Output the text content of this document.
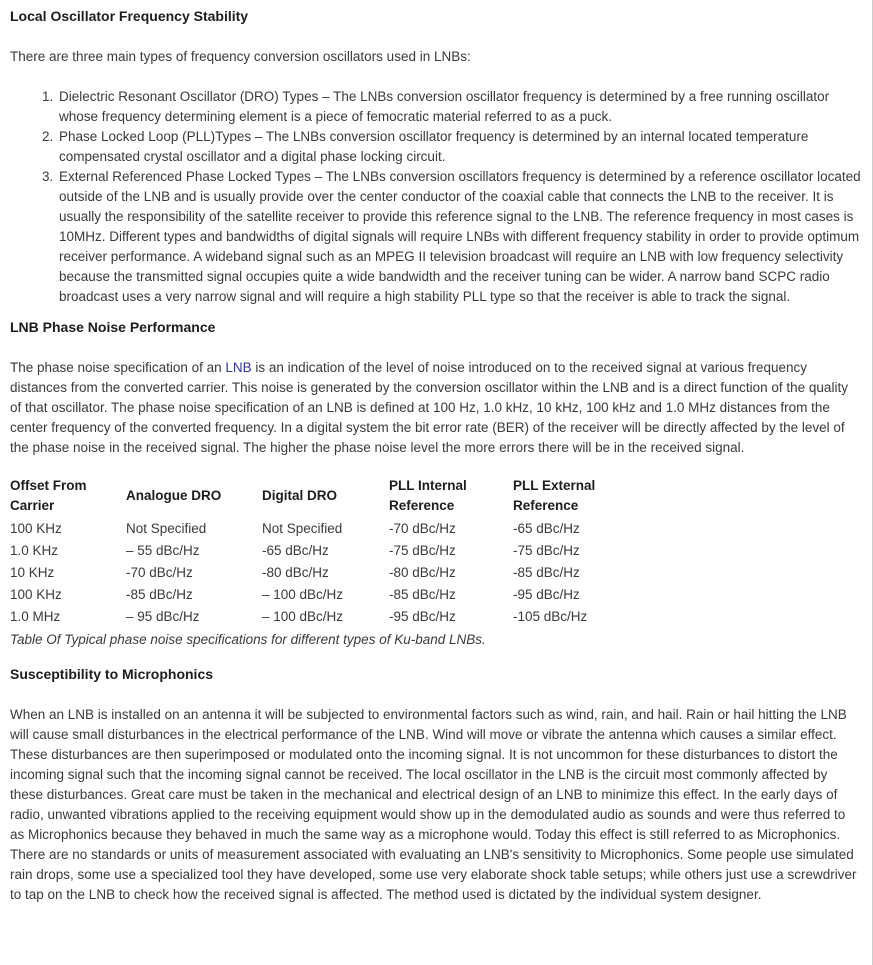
Local Oscillator Frequency Stability

There are three main types of frequency conversion oscillators used in LNBs:

1. Dielectric Resonant Oscillator (DRO) Types – The LNBs conversion oscillator frequency is determined by a free running oscillator whose frequency determining element is a piece of femocratic material referred to as a puck.
2. Phase Locked Loop (PLL)Types – The LNBs conversion oscillator frequency is determined by an internal located temperature compensated crystal oscillator and a digital phase locking circuit.
3. External Referenced Phase Locked Types – The LNBs conversion oscillators frequency is determined by a reference oscillator located outside of the LNB and is usually provide over the center conductor of the coaxial cable that connects the LNB to the receiver. It is usually the responsibility of the satellite receiver to provide this reference signal to the LNB. The reference frequency in most cases is 10MHz. Different types and bandwidths of digital signals will require LNBs with different frequency stability in order to provide optimum receiver performance. A wideband signal such as an MPEG II television broadcast will require an LNB with low frequency selectivity because the transmitted signal occupies quite a wide bandwidth and the receiver tuning can be wider. A narrow band SCPC radio broadcast uses a very narrow signal and will require a high stability PLL type so that the receiver is able to track the signal.
LNB Phase Noise Performance

The phase noise specification of an LNB is an indication of the level of noise introduced on to the received signal at various frequency distances from the converted carrier. This noise is generated by the conversion oscillator within the LNB and is a direct function of the quality of that oscillator. The phase noise specification of an LNB is defined at 100 Hz, 1.0 kHz, 10 kHz, 100 kHz and 1.0 MHz distances from the center frequency of the converted frequency. In a digital system the bit error rate (BER) of the receiver will be directly affected by the level of the phase noise in the received signal. The higher the phase noise level the more errors there will be in the received signal.

Offset From Carrier	Analogue DRO	Digital DRO	PLL Internal Reference	PLL External Reference
100 KHz	Not Specified	Not Specified	-70 dBc/Hz	-65 dBc/Hz
1.0 KHz	– 55 dBc/Hz	-65 dBc/Hz	-75 dBc/Hz	-75 dBc/Hz
10 KHz	-70 dBc/Hz	-80 dBc/Hz	-80 dBc/Hz	-85 dBc/Hz
100 KHz	-85 dBc/Hz	– 100 dBc/Hz	-85 dBc/Hz	-95 dBc/Hz
1.0 MHz	– 95 dBc/Hz	– 100 dBc/Hz	-95 dBc/Hz	-105 dBc/Hz

Table Of Typical phase noise specifications for different types of Ku-band LNBs.

Susceptibility to Microphonics

When an LNB is installed on an antenna it will be subjected to environmental factors such as wind, rain, and hail. Rain or hail hitting the LNB will cause small disturbances in the electrical performance of the LNB. Wind will move or vibrate the antenna which causes a similar effect. These disturbances are then superimposed or modulated onto the incoming signal. It is not uncommon for these disturbances to distort the incoming signal such that the incoming signal cannot be received. The local oscillator in the LNB is the circuit most commonly affected by these disturbances. Great care must be taken in the mechanical and electrical design of an LNB to minimize this effect. In the early days of radio, unwanted vibrations applied to the receiving equipment would show up in the demodulated audio as sounds and were thus referred to as Microphonics because they behaved in much the same way as a microphone would. Today this effect is still referred to as Microphonics. There are no standards or units of measurement associated with evaluating an LNB's sensitivity to Microphonics. Some people use simulated rain drops, some use a specialized tool they have developed, some use very elaborate shock table setups; while others just use a screwdriver to tap on the LNB to check how the received signal is affected. The method used is dictated by the individual system designer.
